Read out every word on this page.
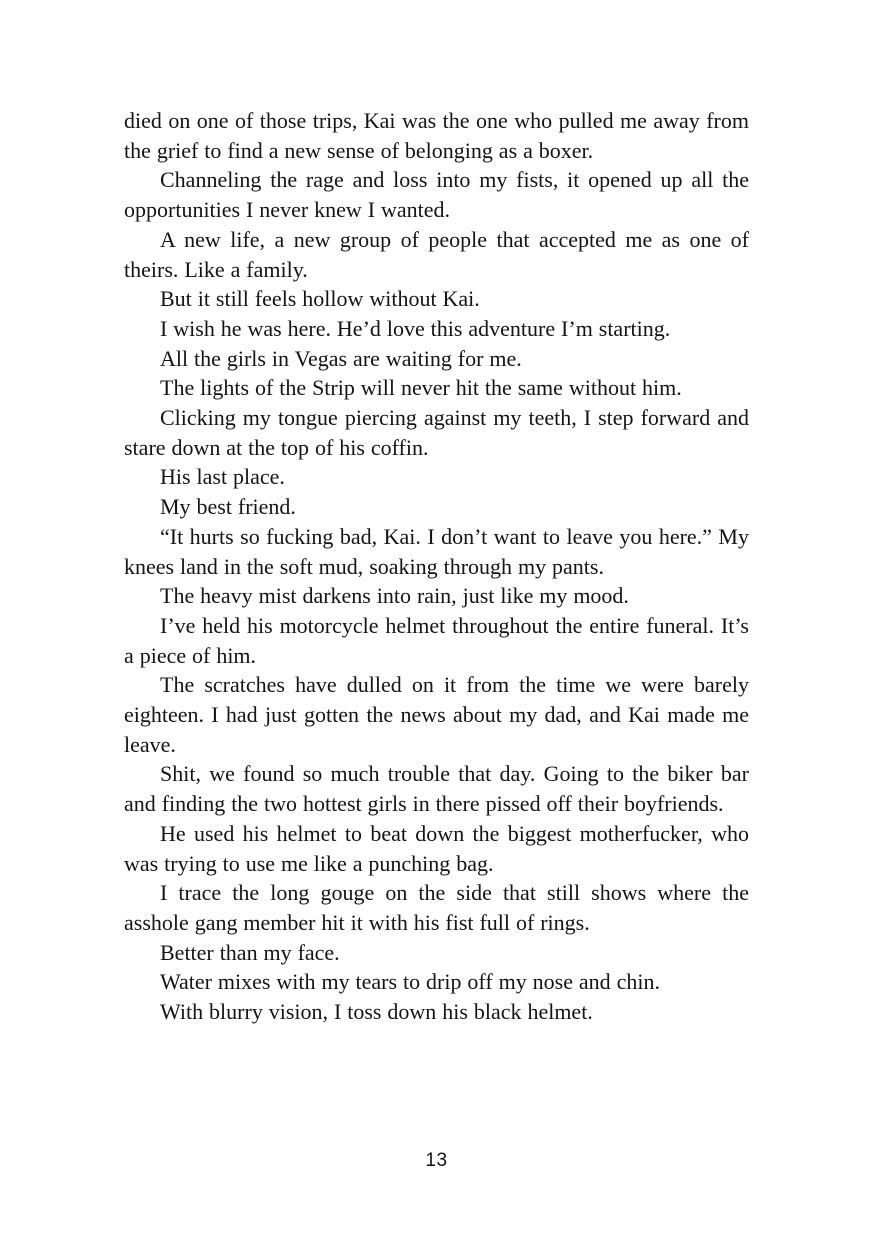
died on one of those trips, Kai was the one who pulled me away from the grief to find a new sense of belonging as a boxer.

Channeling the rage and loss into my fists, it opened up all the opportunities I never knew I wanted.

A new life, a new group of people that accepted me as one of theirs. Like a family.

But it still feels hollow without Kai.

I wish he was here. He’d love this adventure I’m starting.

All the girls in Vegas are waiting for me.

The lights of the Strip will never hit the same without him.

Clicking my tongue piercing against my teeth, I step forward and stare down at the top of his coffin.

His last place.

My best friend.

“It hurts so fucking bad, Kai. I don’t want to leave you here.” My knees land in the soft mud, soaking through my pants.

The heavy mist darkens into rain, just like my mood.

I’ve held his motorcycle helmet throughout the entire funeral. It’s a piece of him.

The scratches have dulled on it from the time we were barely eighteen. I had just gotten the news about my dad, and Kai made me leave.

Shit, we found so much trouble that day. Going to the biker bar and finding the two hottest girls in there pissed off their boyfriends.

He used his helmet to beat down the biggest motherfucker, who was trying to use me like a punching bag.

I trace the long gouge on the side that still shows where the asshole gang member hit it with his fist full of rings.

Better than my face.

Water mixes with my tears to drip off my nose and chin.

With blurry vision, I toss down his black helmet.

13
